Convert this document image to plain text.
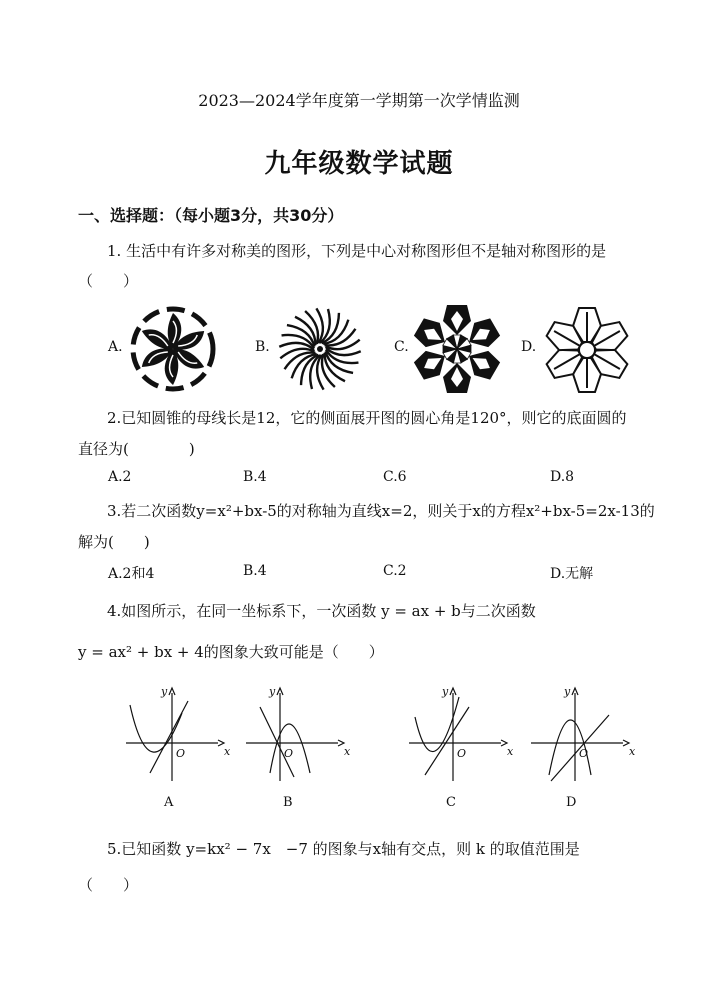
2023—2024学年度第一学期第一次学情监测
九年级数学试题
一、选择题：（每小题3分，共30分）
1. 生活中有许多对称美的图形，下列是中心对称图形但不是轴对称图形的是
（　　）
A.	B.	C.	D.
2.已知圆锥的母线长是12，它的侧面展开图的圆心角是120°，则它的底面圆的
直径为(　　　　)
A.2	B.4	C.6	D.8
3.若二次函数y=x²+bx-5的对称轴为直线x=2，则关于x的方程x²+bx-5=2x-13的
解为(　　)
A.2和4	B.4	C.2	D.无解
4.如图所示，在同一坐标系下，一次函数 y = ax + b与二次函数
y = ax² + bx + 4的图象大致可能是（　　）
x
y
O	x
y
O	x
y
O	x
y
O
A	B	C	D
5.已知函数 y=kx² − 7x　−7 的图象与x轴有交点，则 k 的取值范围是
（　　）
